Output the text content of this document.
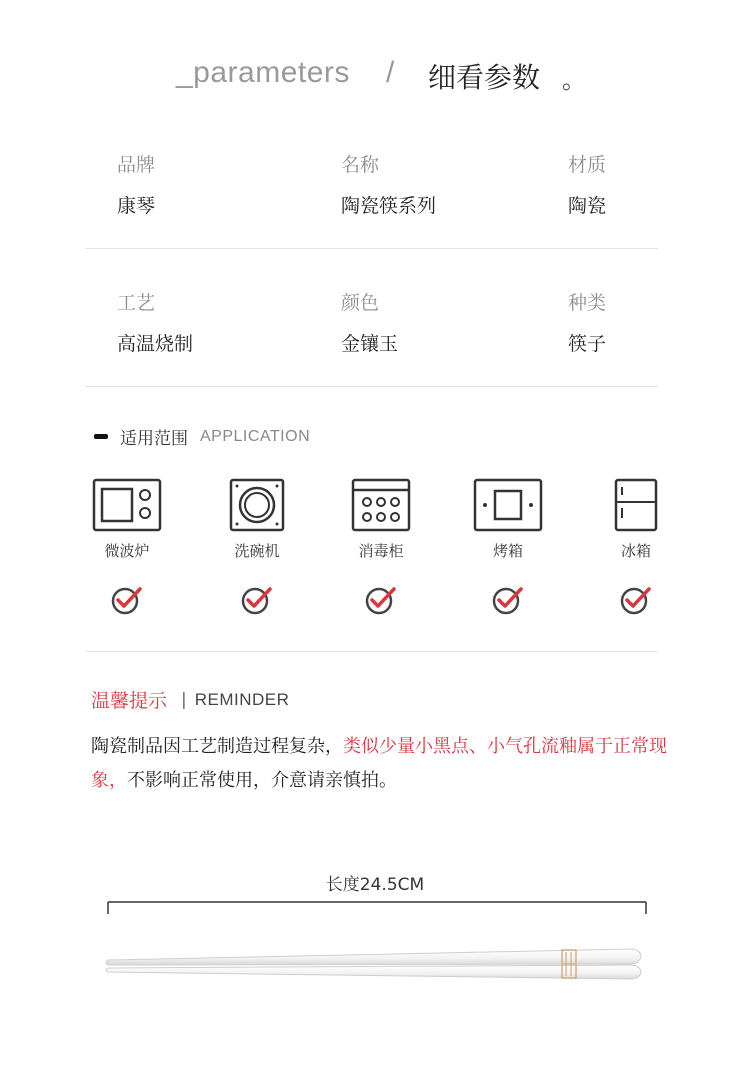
_parameters / 细看参数 。
品牌
康琴
名称
陶瓷筷系列
材质
陶瓷
工艺
高温烧制
颜色
金镶玉
种类
筷子
适用范围 APPLICATION
微波炉	洗碗机	消毒柜	烤箱	冰箱
温馨提示 | REMINDER
陶瓷制品因工艺制造过程复杂，类似少量小黑点、小气孔流釉属于正常现象，不影响正常使用，介意请亲慎拍。
长度24.5CM
